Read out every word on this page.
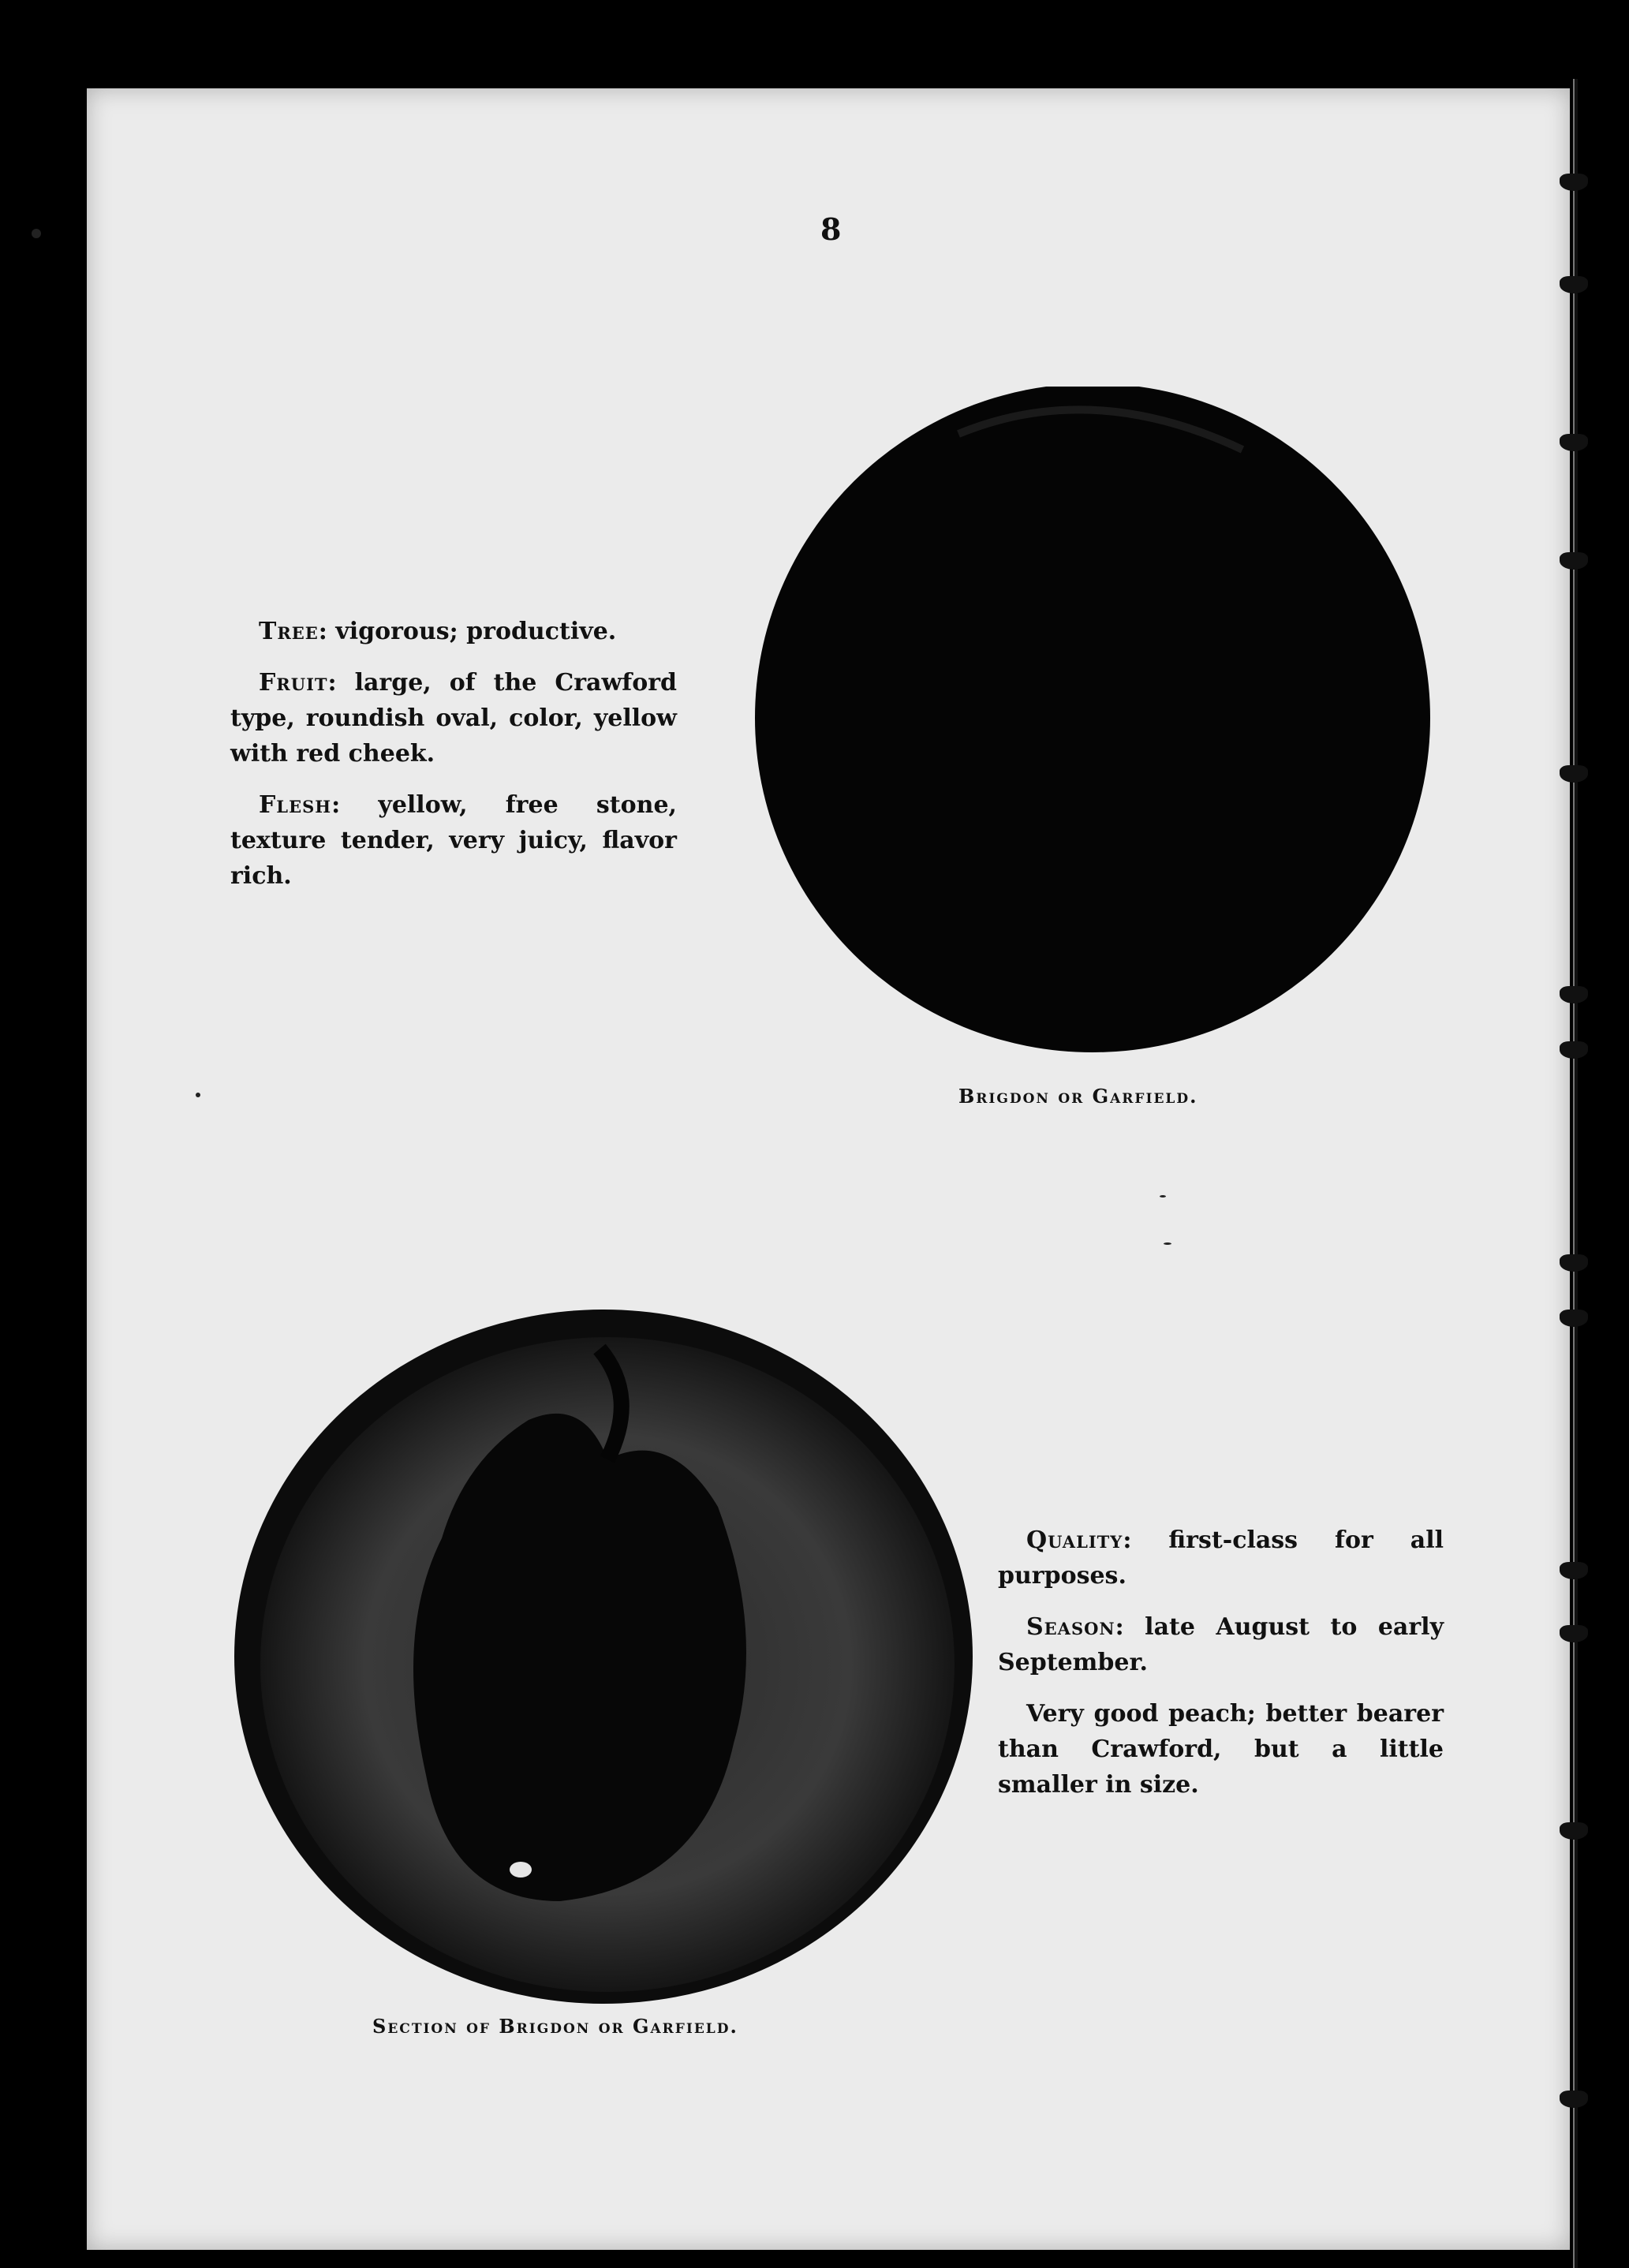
8

Tree: vigorous; productive.

Fruit: large, of the Crawford type, roundish oval, color, yellow with red cheek.

Flesh: yellow, free stone, texture tender, very juicy, flavor rich.

Brigdon or Garfield.
Section of Brigdon or Garfield.

Quality: first-class for all purposes.

Season: late August to early September.

Very good peach; better bearer than Crawford, but a little smaller in size.
